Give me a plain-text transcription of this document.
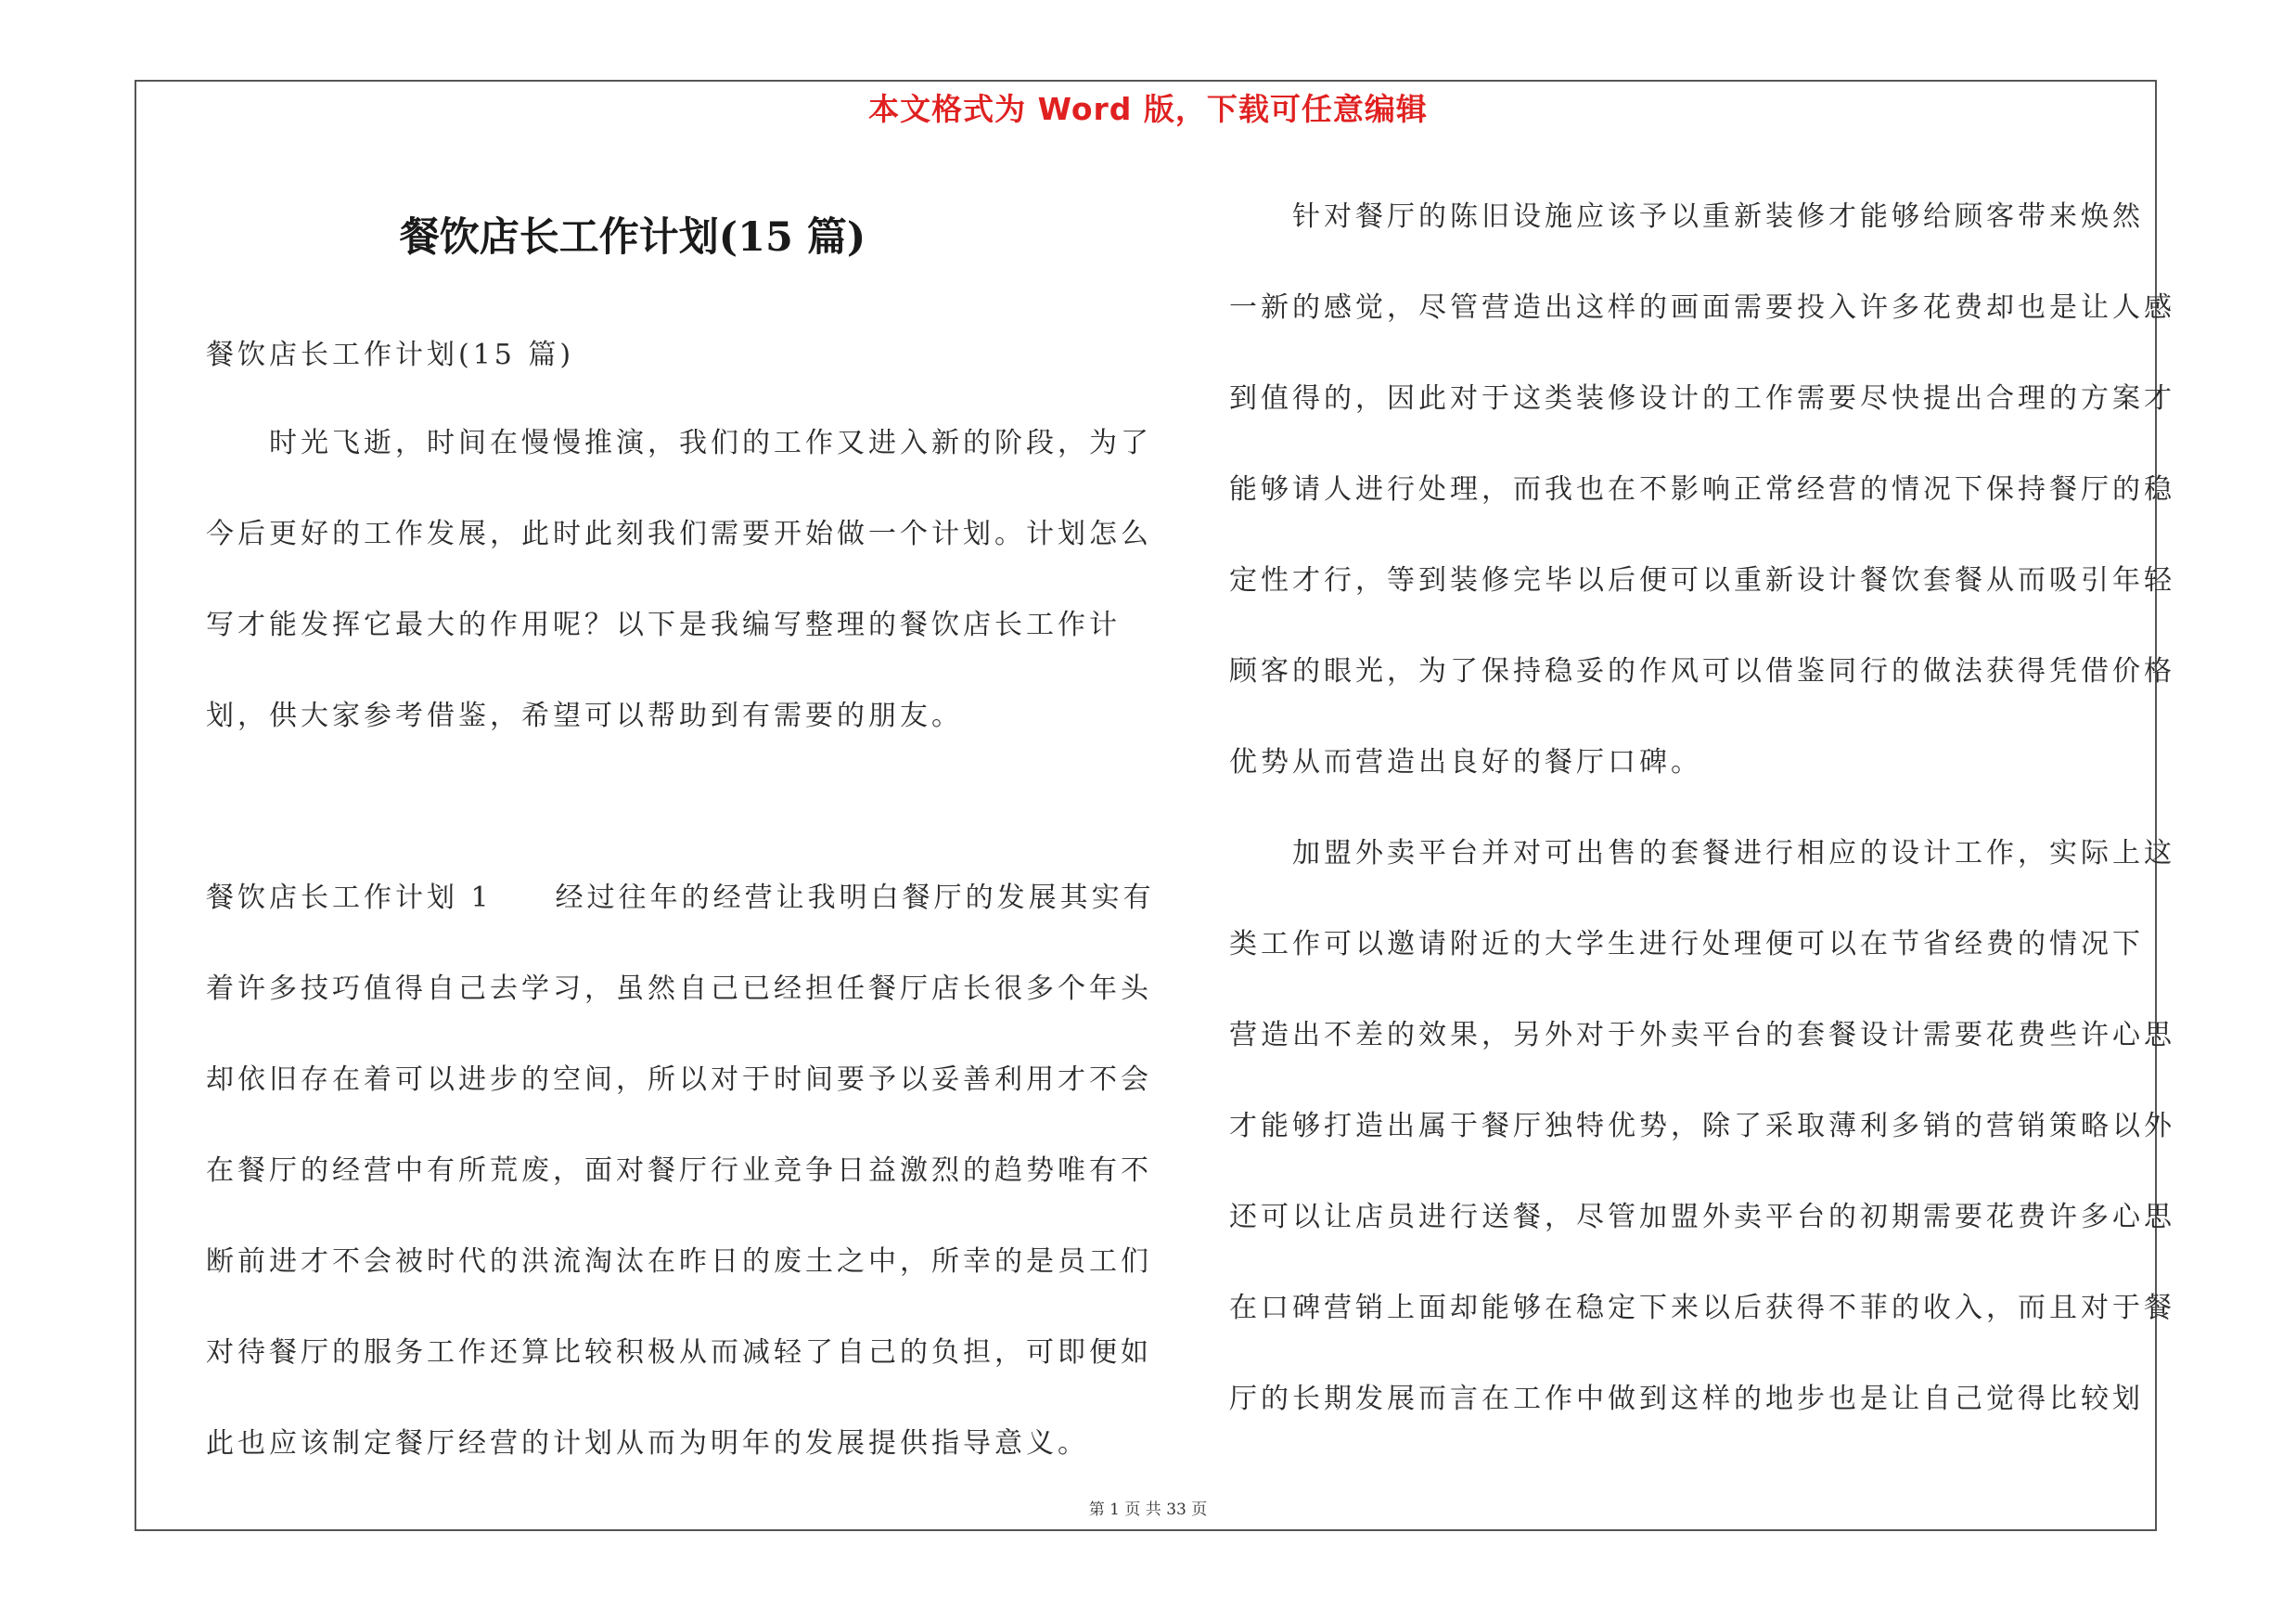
本文格式为 Word 版，下载可任意编辑
餐饮店长工作计划(15 篇)
餐饮店长工作计划(15 篇)
　　时光飞逝，时间在慢慢推演，我们的工作又进入新的阶段，为了
今后更好的工作发展，此时此刻我们需要开始做一个计划。计划怎么
写才能发挥它最大的作用呢？以下是我编写整理的餐饮店长工作计
划，供大家参考借鉴，希望可以帮助到有需要的朋友。
餐饮店长工作计划 1　　经过往年的经营让我明白餐厅的发展其实有
着许多技巧值得自己去学习，虽然自己已经担任餐厅店长很多个年头
却依旧存在着可以进步的空间，所以对于时间要予以妥善利用才不会
在餐厅的经营中有所荒废，面对餐厅行业竞争日益激烈的趋势唯有不
断前进才不会被时代的洪流淘汰在昨日的废土之中，所幸的是员工们
对待餐厅的服务工作还算比较积极从而减轻了自己的负担，可即便如
此也应该制定餐厅经营的计划从而为明年的发展提供指导意义。
　　针对餐厅的陈旧设施应该予以重新装修才能够给顾客带来焕然
一新的感觉，尽管营造出这样的画面需要投入许多花费却也是让人感
到值得的，因此对于这类装修设计的工作需要尽快提出合理的方案才
能够请人进行处理，而我也在不影响正常经营的情况下保持餐厅的稳
定性才行，等到装修完毕以后便可以重新设计餐饮套餐从而吸引年轻
顾客的眼光，为了保持稳妥的作风可以借鉴同行的做法获得凭借价格
优势从而营造出良好的餐厅口碑。
　　加盟外卖平台并对可出售的套餐进行相应的设计工作，实际上这
类工作可以邀请附近的大学生进行处理便可以在节省经费的情况下
营造出不差的效果，另外对于外卖平台的套餐设计需要花费些许心思
才能够打造出属于餐厅独特优势，除了采取薄利多销的营销策略以外
还可以让店员进行送餐，尽管加盟外卖平台的初期需要花费许多心思
在口碑营销上面却能够在稳定下来以后获得不菲的收入，而且对于餐
厅的长期发展而言在工作中做到这样的地步也是让自己觉得比较划
第 1 页 共 33 页
